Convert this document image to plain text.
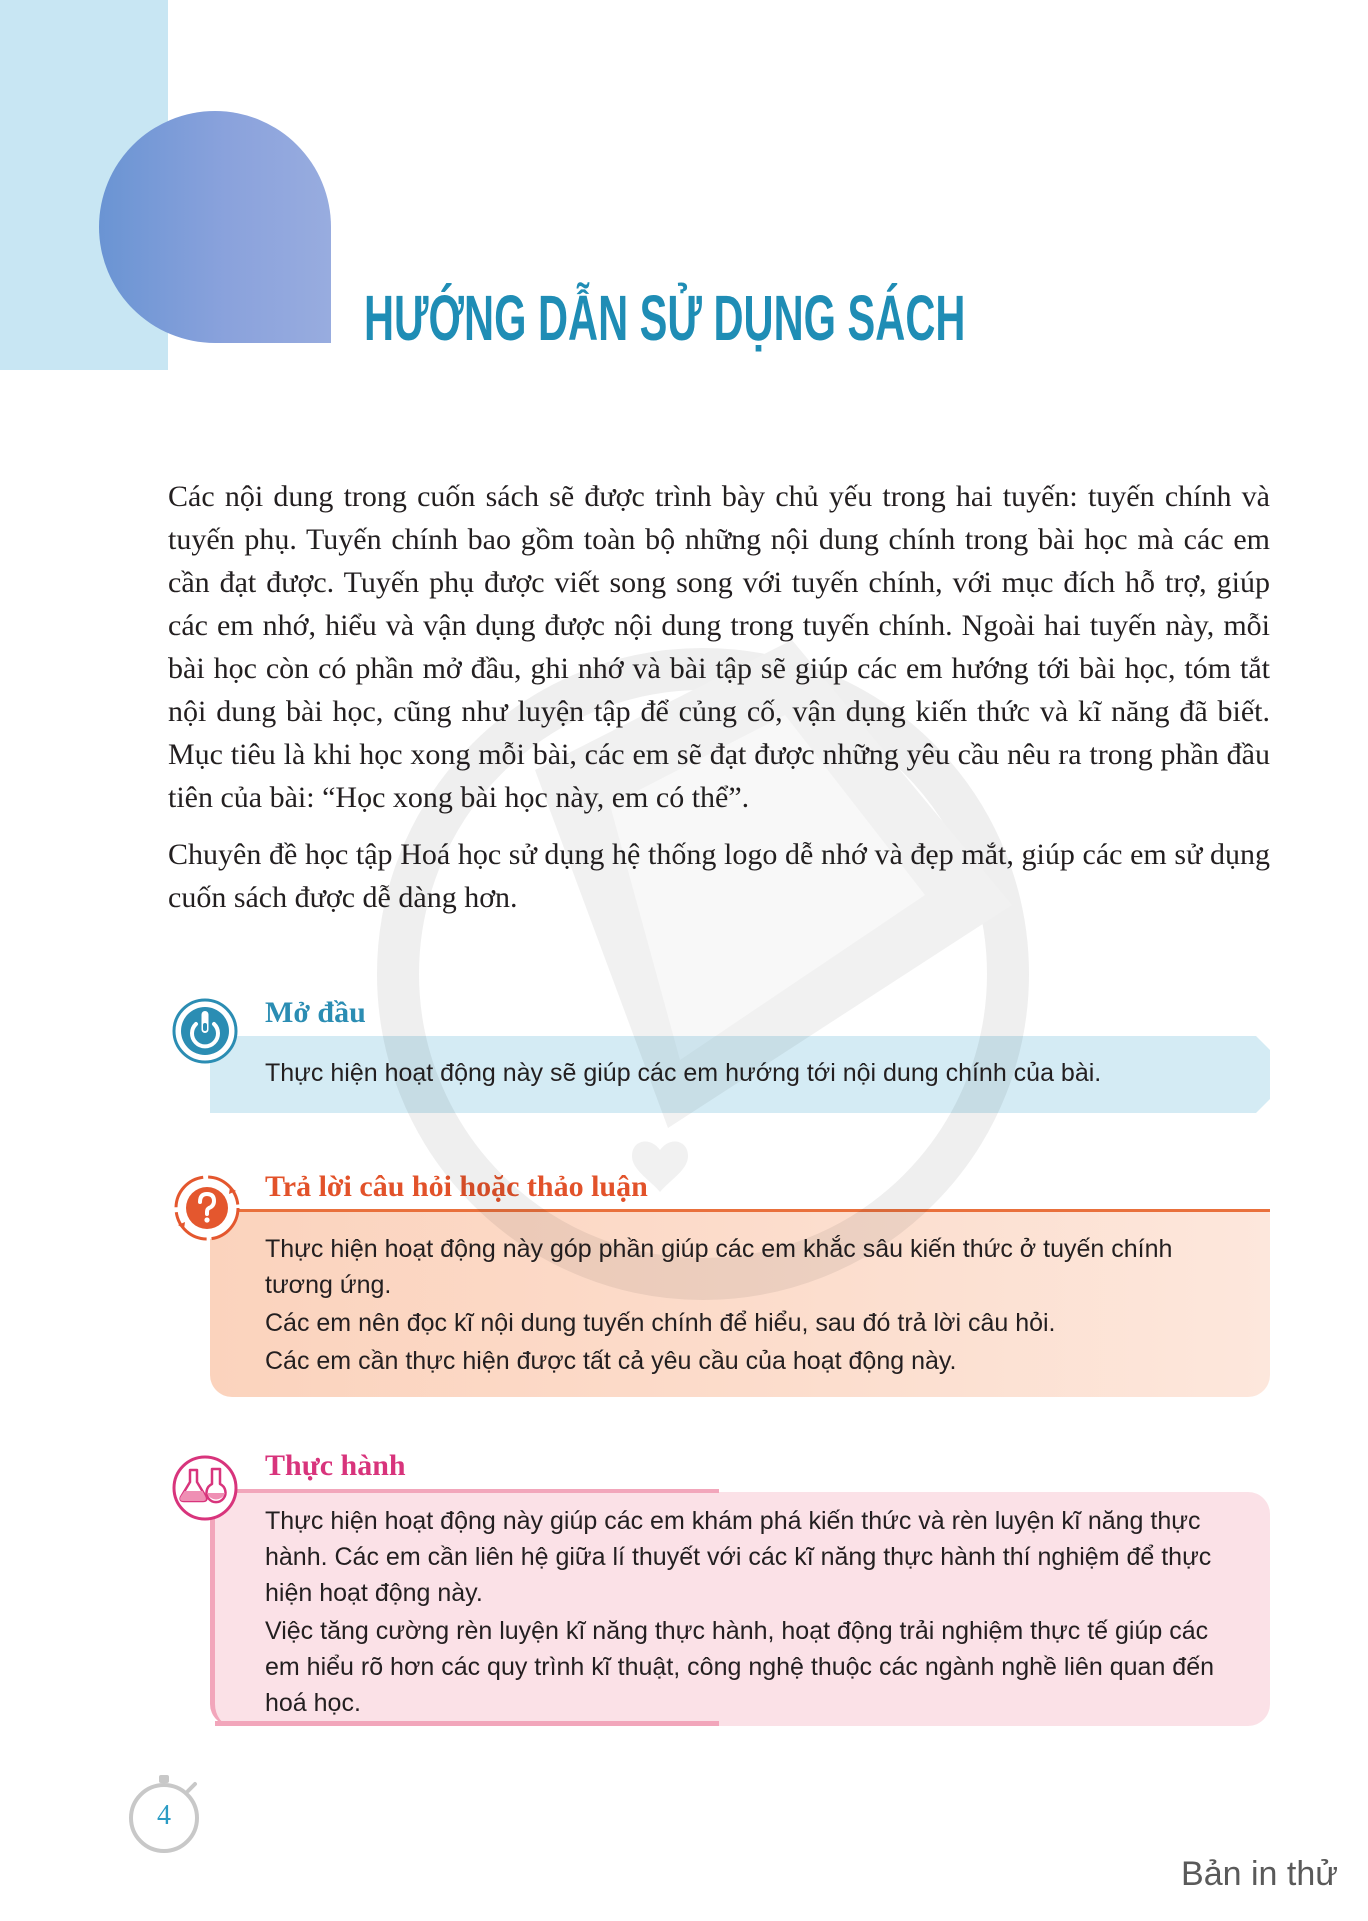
HƯỚNG DẪN SỬ DỤNG SÁCH

Các nội dung trong cuốn sách sẽ được trình bày chủ yếu trong hai tuyến: tuyến chính và tuyến phụ. Tuyến chính bao gồm toàn bộ những nội dung chính trong bài học mà các em cần đạt được. Tuyến phụ được viết song song với tuyến chính, với mục đích hỗ trợ, giúp các em nhớ, hiểu và vận dụng được nội dung trong tuyến chính. Ngoài hai tuyến này, mỗi bài học còn có phần mở đầu, ghi nhớ và bài tập sẽ giúp các em hướng tới bài học, tóm tắt nội dung bài học, cũng như luyện tập để củng cố, vận dụng kiến thức và kĩ năng đã biết. Mục tiêu là khi học xong mỗi bài, các em sẽ đạt được những yêu cầu nêu ra trong phần đầu tiên của bài: “Học xong bài học này, em có thể”.

Chuyên đề học tập Hoá học sử dụng hệ thống logo dễ nhớ và đẹp mắt, giúp các em sử dụng cuốn sách được dễ dàng hơn.

Mở đầu

Thực hiện hoạt động này sẽ giúp các em hướng tới nội dung chính của bài.

Trả lời câu hỏi hoặc thảo luận

Thực hiện hoạt động này góp phần giúp các em khắc sâu kiến thức ở tuyến chính tương ứng.

Các em nên đọc kĩ nội dung tuyến chính để hiểu, sau đó trả lời câu hỏi.

Các em cần thực hiện được tất cả yêu cầu của hoạt động này.

Thực hành

Thực hiện hoạt động này giúp các em khám phá kiến thức và rèn luyện kĩ năng thực hành. Các em cần liên hệ giữa lí thuyết với các kĩ năng thực hành thí nghiệm để thực hiện hoạt động này.

Việc tăng cường rèn luyện kĩ năng thực hành, hoạt động trải nghiệm thực tế giúp các em hiểu rõ hơn các quy trình kĩ thuật, công nghệ thuộc các ngành nghề liên quan đến hoá học.

4
Bản in thử
